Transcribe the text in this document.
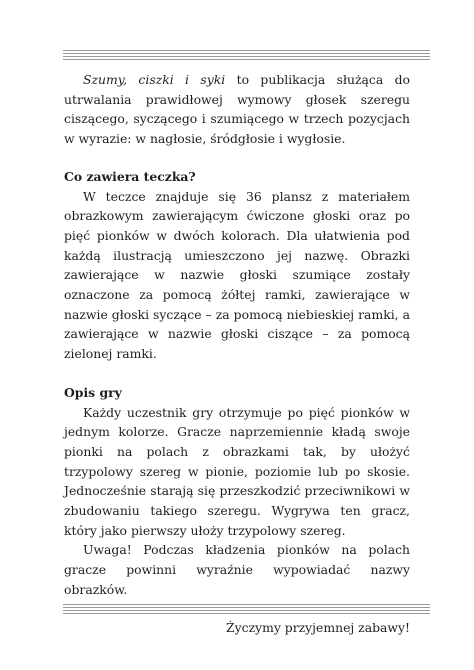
Szumy, ciszki i syki to publikacja służąca do utrwalania prawidłowej wymowy głosek szeregu ciszącego, syczącego i szumiącego w trzech pozycjach w wyrazie: w nagłosie, śródgłosie i wygłosie.

Co zawiera teczka?

W teczce znajduje się 36 plansz z materiałem obrazkowym zawierającym ćwiczone głoski oraz po pięć pionków w dwóch kolorach. Dla ułatwienia pod każdą ilustracją umieszczono jej nazwę. Obrazki zawierające w nazwie głoski szumiące zostały oznaczone za pomocą żółtej ramki, zawierające w nazwie głoski syczące – za pomocą niebieskiej ramki, a zawierające w nazwie głoski ciszące – za pomocą zielonej ramki.

Opis gry

Każdy uczestnik gry otrzymuje po pięć pionków w jednym kolorze. Gracze naprzemiennie kładą swoje pionki na polach z obrazkami tak, by ułożyć trzypolowy szereg w pionie, poziomie lub po skosie. Jednocześnie starają się przeszkodzić przeciwnikowi w zbudowaniu takiego szeregu. Wygrywa ten gracz, który jako pierwszy ułoży trzypolowy szereg.

Uwaga! Podczas kładzenia pionków na polach gracze powinni wyraźnie wypowiadać nazwy obrazków.

Życzymy przyjemnej zabawy!
